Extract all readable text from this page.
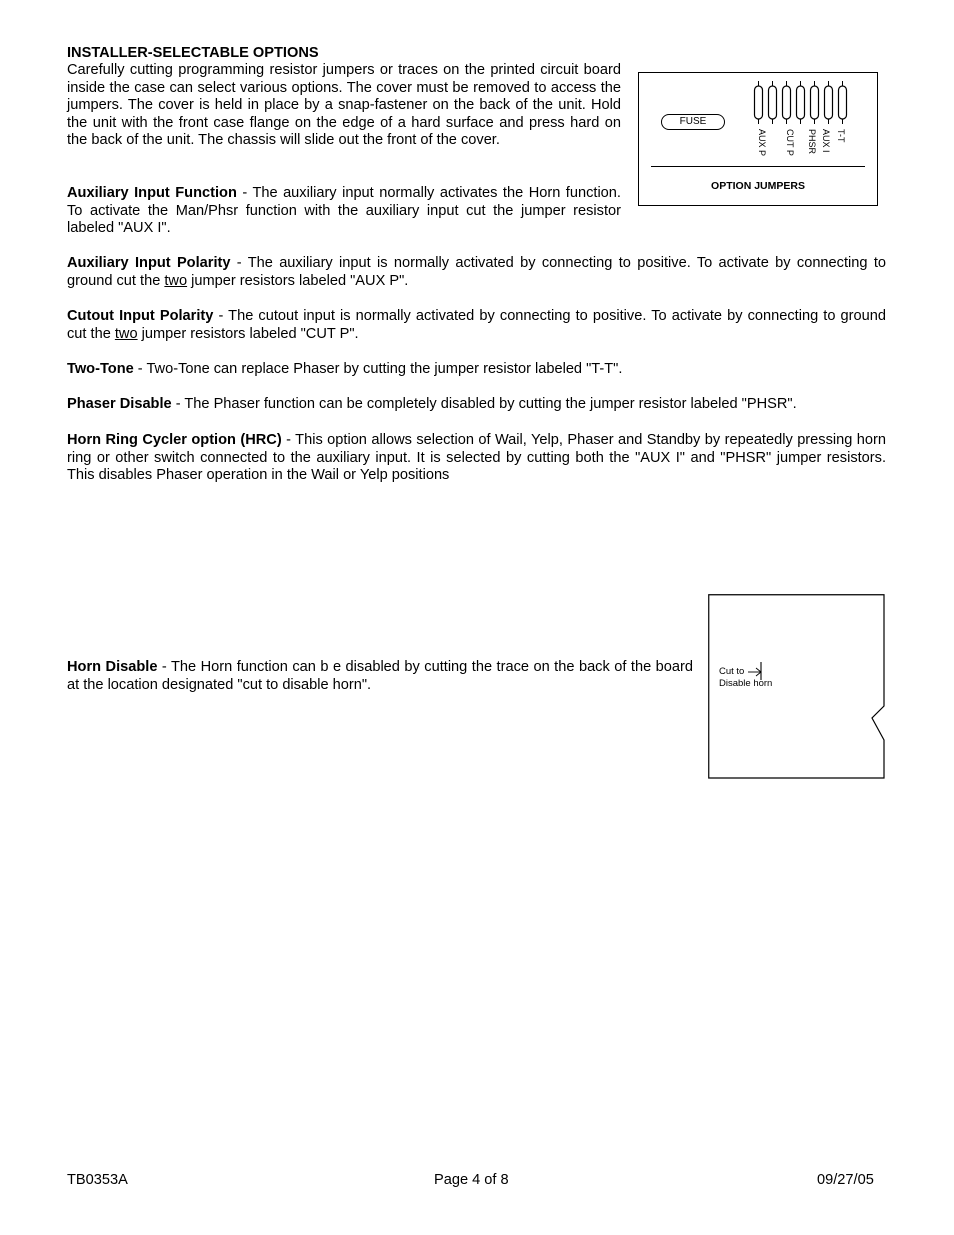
INSTALLER-SELECTABLE OPTIONS

Carefully cutting programming resistor jumpers or traces on the printed circuit board inside the case can select various options. The cover must be removed to access the jumpers. The cover is held in place by a snap-fastener on the back of the unit. Hold the unit with the front case flange on the edge of a hard surface and press hard on the back of the unit. The chassis will slide out the front of the cover.

Auxiliary Input Function - The auxiliary input normally activates the Horn function. To activate the Man/Phsr function with the auxiliary input cut the jumper resistor labeled "AUX I".

FUSE
AUX P CUT P PHSR AUX I T-T
OPTION JUMPERS

Auxiliary Input Polarity - The auxiliary input is normally activated by connecting to positive. To activate by connecting to ground cut the two jumper resistors labeled "AUX P".

Cutout Input Polarity - The cutout input is normally activated by connecting to positive. To activate by connecting to ground cut the two jumper resistors labeled "CUT P".

Two-Tone - Two-Tone can replace Phaser by cutting the jumper resistor labeled "T-T".

Phaser Disable - The Phaser function can be completely disabled by cutting the jumper resistor labeled "PHSR".

Horn Ring Cycler option (HRC) - This option allows selection of Wail, Yelp, Phaser and Standby by repeatedly pressing horn ring or other switch connected to the auxiliary input. It is selected by cutting both the "AUX I" and "PHSR" jumper resistors. This disables Phaser operation in the Wail or Yelp positions

Horn Disable - The Horn function can b e disabled by cutting the trace on the back of the board at the location designated "cut to disable horn".

Cut to
Disable horn
TB0353A	Page 4 of 8	09/27/05
